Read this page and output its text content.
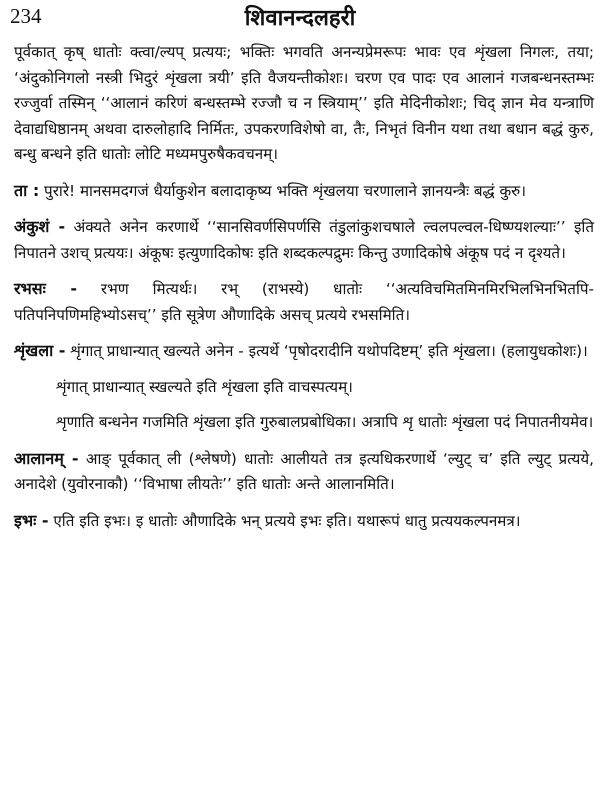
234	शिवानन्दलहरी

पूर्वकात् कृष् धातोः क्त्वा/ल्यप् प्रत्ययः; भक्तिः भगवति अनन्यप्रेमरूपः भावः एव शृंखला निगलः, तया; ‘अंदुकोनिगलो नस्त्री भिदुरं शृंखला त्रयी’ इति वैजयन्तीकोशः। चरण एव पादः एव आलानं गजबन्धनस्तम्भः रज्जुर्वा तस्मिन् ‘‘आलानं करिणं बन्धस्तम्भे रज्जौ च न स्त्रियाम्’’ इति मेदिनीकोशः; चिद् ज्ञान मेव यन्त्राणि देवाद्यधिष्ठानम् अथवा दारुलोहादि निर्मितः, उपकरणविशेषो वा, तैः, निभृतं विनीन यथा तथा बधान बद्धं कुरु, बन्धु बन्धने इति धातोः लोटि मध्यमपुरुषैकवचनम्।

ता : पुरारे! मानसमदगजं धैर्याकुशेन बलादाकृष्य भक्ति शृंखलया चरणालाने ज्ञानयन्त्रैः बद्धं कुरु।

अंकुशं - अंक्यते अनेन करणार्थे ‘‘सानसिवर्णसिपर्णसि तंडुलांकुशचषाले ल्वलपल्वल-धिष्ण्यशल्याः’’ इति निपातने उशच् प्रत्ययः। अंकूषः इत्युणादिकोषः इति शब्दकल्पद्रुमः किन्तु उणादिकोषे अंकूष पदं न दृश्यते।

रभसः - रभण मित्यर्थः। रभ् (राभस्ये) धातोः ‘‘अत्यविचमितमिनमिरभिलभिनभितपि-पतिपनिपणिमहिभ्योऽसच्’’ इति सूत्रेण औणादिके असच् प्रत्यये रभसमिति।

शृंखला - शृंगात् प्राधान्यात् खल्यते अनेन - इत्यर्थे ‘पृषोदरादीनि यथोपदिष्टम्’ इति शृंखला। (हलायुधकोशः)।

शृंगात् प्राधान्यात् स्खल्यते इति शृंखला इति वाचस्पत्यम्।

शृणाति बन्धनेन गजमिति शृंखला इति गुरुबालप्रबोधिका। अत्रापि शृ धातोः शृंखला पदं निपातनीयमेव।

आलानम् - आङ् पूर्वकात् ली (श्लेषणे) धातोः आलीयते तत्र इत्यधिकरणार्थे ‘ल्युट् च’ इति ल्युट् प्रत्यये, अनादेशे (युवोरनाकौ) ‘‘विभाषा लीयतेः’’ इति धातोः अन्ते आलानमिति।

इभः - एति इति इभः। इ धातोः औणादिके भन् प्रत्यये इभः इति। यथारूपं धातु प्रत्ययकल्पनमत्र।
